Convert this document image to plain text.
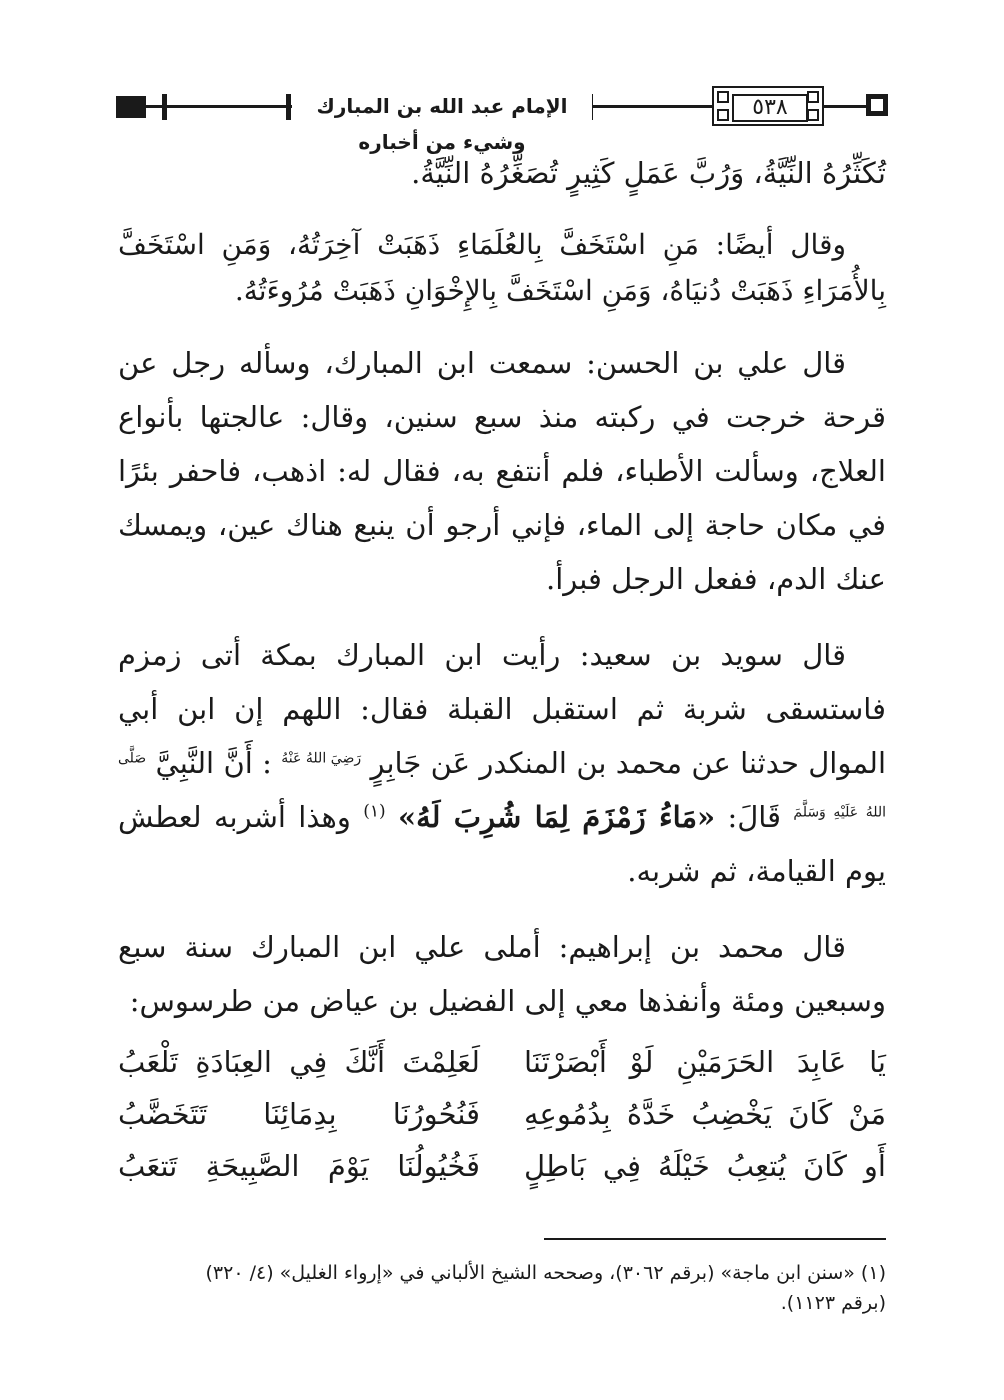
الإمام عبد الله بن المبارك وشيء من أخباره
٥٣٨

تُكَثِّرُهُ النِّيَّةُ، وَرُبَّ عَمَلٍ كَثِيرٍ تُصَغِّرُهُ النِّيَّةُ.

وقال أيضًا: مَنِ اسْتَخَفَّ بِالعُلَمَاءِ ذَهَبَتْ آخِرَتُهُ، وَمَنِ اسْتَخَفَّ بِالأُمَرَاءِ ذَهَبَتْ دُنيَاهُ، وَمَنِ اسْتَخَفَّ بِالإِخْوَانِ ذَهَبَتْ مُرُوءَتُهُ.

قال علي بن الحسن: سمعت ابن المبارك، وسأله رجل عن قرحة خرجت في ركبته منذ سبع سنين، وقال: عالجتها بأنواع العلاج، وسألت الأطباء، فلم أنتفع به، فقال له: اذهب، فاحفر بئرًا في مكان حاجة إلى الماء، فإني أرجو أن ينبع هناك عين، ويمسك عنك الدم، ففعل الرجل فبرأ.

قال سويد بن سعيد: رأيت ابن المبارك بمكة أتى زمزم فاستسقى شربة ثم استقبل القبلة فقال: اللهم إن ابن أبي الموال حدثنا عن محمد بن المنكدر عَن جَابِرٍ $^{رَضِيَ اللهُ عَنْهُ}$ : أَنَّ النَّبِيَّ $^{صَلَّى اللهُ عَلَيْهِ وَسَلَّمَ}$ قَالَ: «مَاءُ زَمْزَمَ لِمَا شُرِبَ لَهُ» $^{(١)}$ وهذا أشربه لعطش يوم القيامة، ثم شربه.

قال محمد بن إبراهيم: أملى علي ابن المبارك سنة سبع وسبعين ومئة وأنفذها معي إلى الفضيل بن عياض من طرسوس:

يَا عَابِدَ الحَرَمَيْنِ لَوْ أَبْصَرْتَنَا
لَعَلِمْتَ أَنَّكَ فِي العِبَادَةِ تَلْعَبُ
مَنْ كَانَ يَخْضِبُ خَدَّهُ بِدُمُوعِهِ
فَنُحُورُنَا بِدِمَائِنَا تَتَخَضَّبُ
أَو كَانَ يُتعِبُ خَيْلَهُ فِي بَاطِلٍ
فَخُيُولُنَا يَوْمَ الصَّبِيحَةِ تَتعَبُ
(١) «سنن ابن ماجة» (برقم ٣٠٦٢)، وصححه الشيخ الألباني في «إرواء الغليل» (٤/ ٣٢٠)
(برقم ١١٢٣).
